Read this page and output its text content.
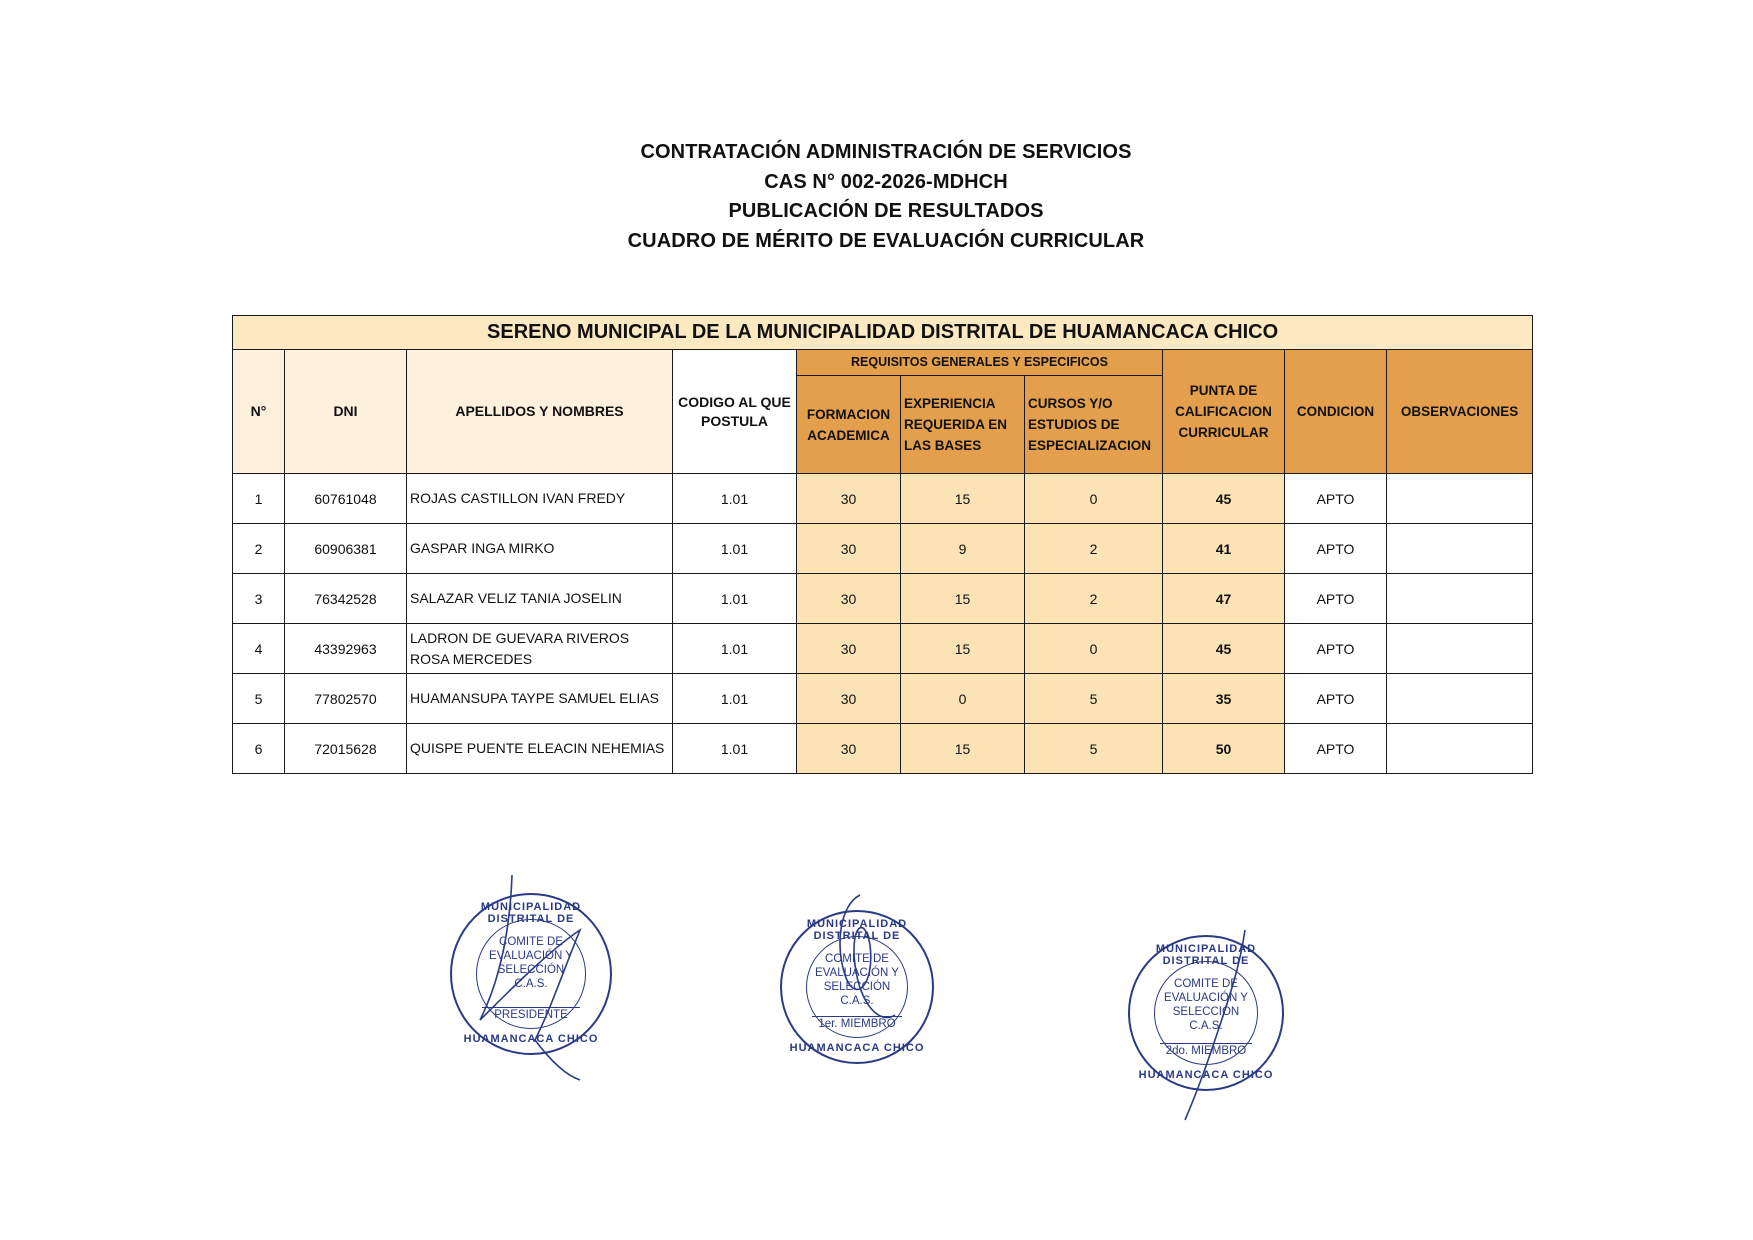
CONTRATACIÓN ADMINISTRACIÓN DE SERVICIOS
CAS N° 002-2026-MDHCH
PUBLICACIÓN DE RESULTADOS
CUADRO DE MÉRITO DE EVALUACIÓN CURRICULAR
SERENO MUNICIPAL DE LA MUNICIPALIDAD DISTRITAL DE HUAMANCACA CHICO									
N°	DNI	APELLIDOS Y NOMBRES	CODIGO AL QUE POSTULA	REQUISITOS GENERALES Y ESPECIFICOS			PUNTA DE CALIFICACION CURRICULAR	CONDICION	OBSERVACIONES
				FORMACION ACADEMICA	EXPERIENCIA REQUERIDA EN LAS BASES	CURSOS Y/O ESTUDIOS DE ESPECIALIZACION			
1	60761048	ROJAS CASTILLON IVAN FREDY	1.01	30	15	0	45	APTO	
2	60906381	GASPAR INGA MIRKO	1.01	30	9	2	41	APTO	
3	76342528	SALAZAR VELIZ TANIA JOSELIN	1.01	30	15	2	47	APTO	
4	43392963	LADRON DE GUEVARA RIVEROS ROSA MERCEDES	1.01	30	15	0	45	APTO	
5	77802570	HUAMANSUPA TAYPE SAMUEL ELIAS	1.01	30	0	5	35	APTO	
6	72015628	QUISPE PUENTE ELEACIN NEHEMIAS	1.01	30	15	5	50	APTO	
MUNICIPALIDAD DISTRITAL DE
COMITE DE EVALUACIÓN Y SELECCIÓN C.A.S.
PRESIDENTE
HUAMANCACA CHICO
MUNICIPALIDAD DISTRITAL DE
COMITE DE EVALUACIÓN Y SELECCIÓN C.A.S.
1er. MIEMBRO
HUAMANCACA CHICO
MUNICIPALIDAD DISTRITAL DE
COMITE DE EVALUACIÓN Y SELECCIÓN C.A.S.
2do. MIEMBRO
HUAMANCACA CHICO
